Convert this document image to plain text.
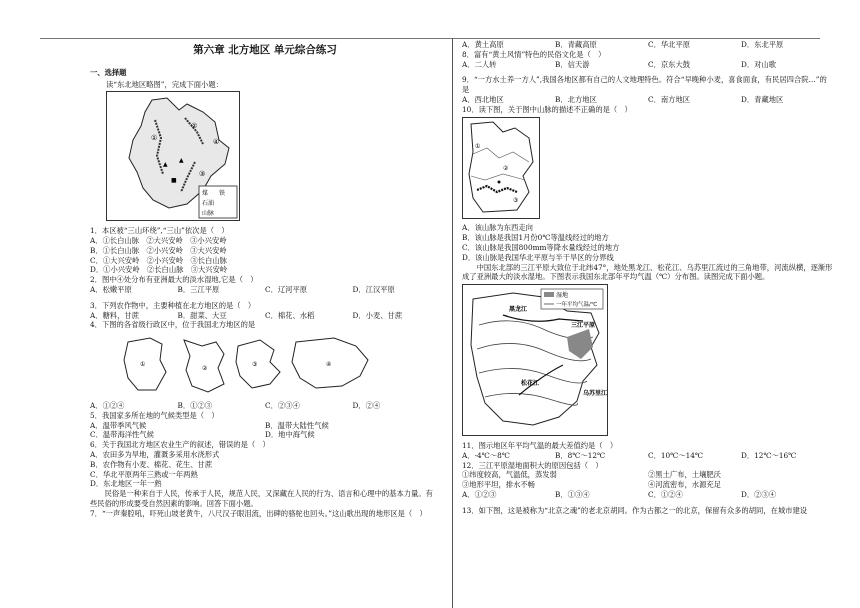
第六章 北方地区 单元综合练习
一、选择题
读“东北地区略图”，完成下面小题：
①
②
③
④
▲
■
▲
煤 铁
石油
山脉
1．本区被“三山环绕”,“三山”依次是（　）
A．①长白山脉　②大兴安岭　③小兴安岭
B．①长白山脉　②小兴安岭　③大兴安岭
C．①大兴安岭　②小兴安岭　③长白山脉
D．①小兴安岭　②长白山脉　③大兴安岭
2．图中④处分布有亚洲最大的淡水湿地,它是（　）
A．松嫩平原	B．三江平原	C．辽河平原	D．江汉平原
3．下列农作物中，主要种植在北方地区的是（　）
A．糖料，甘蔗	B．甜菜、大豆	C．棉花、水稻	D．小麦、甘蔗
4．下图的各省级行政区中，位于我国北方地区的是
①
②
③	④
A．①②④	B．①②③	C．②③④	D．②④
5．我国家多所在地的气候类型是（　）
A．温带季风气候	B．温带大陆性气候
C．温带海洋性气候	D．地中海气候
6．关于我国北方地区农业生产的叙述，错误的是（　）
A．农田多为旱地，灌溉多采用水浇形式
B．农作物有小麦、棉花、花生、甘蔗
C．华北平原两年三熟或一年两熟
D．东北地区一年一熟
民俗是一种来自于人民，传承于人民，规范人民，又深藏在人民的行为、语言和心理中的基本力量。有些民俗的形成要受自然因素的影响。回答下面小题。
7．“一声秦腔吼，吓死山坡老黄牛，八尺汉子眼泪流，出碑的骆驼也回头。”这山歌出现的地形区是（　）
A．黄土高原	B．青藏高原	C．华北平原	D．东北平原
8．富有“黄土风情”特色的民俗文化是（　）
A．二人转	B．信天游	C．京东大鼓	D．对山歌
9．“一方水土养一方人”,我国各地区都有自己的人文地理特色。符合“早晚种小麦，喜食面食，有民居四合院…”的是
A．西北地区	B．北方地区	C．南方地区	D．青藏地区
10．读下图，关于图中山脉的描述不正确的是（　）
①
②
③
A．该山脉为东西走向
B．该山脉是我国1月份0℃等温线经过的地方
C．该山脉是我国800mm等降水量线经过的地方
D．该山脉是我国华北平原与半干旱区的分界线
中国东北部的三江平原大致位于北纬47°，地处黑龙江、松花江、乌苏里江流过的三角地带，河流纵横，逐渐形成了亚洲最大的淡水湿地。下图表示我国东北部年平均气温（℃）分布图。读图完成下面小题。
湿地
一年平均气温/℃
黑龙江
三江平原
松花江
乌苏里江
11．图示地区年平均气温的最大差值约是（　）
A．-4℃～8℃	B．8℃～12℃	C．10℃～14℃	D．12℃～16℃
12．三江平原湿地面积大的原因包括（　）
①纬度较高，气温低，蒸发弱	②黑土广布，土壤肥沃
③地形平坦，排水不畅	④河流密布，水源充足
A．①②③	B．①③④	C．①②④	D．②③④
13．如下图，这是被称为“北京之魂”的老北京胡同。作为古都之一的北京，保留有众多的胡同，在城市建设
